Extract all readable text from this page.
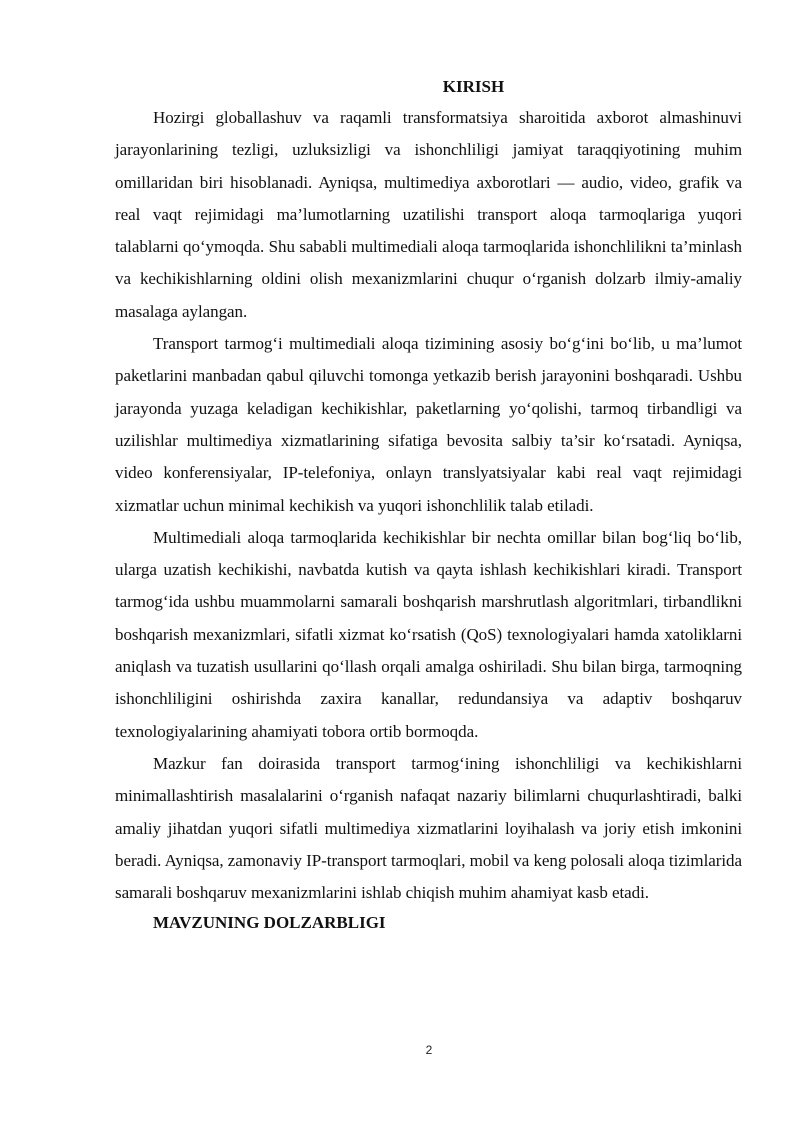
KIRISH

Hozirgi globallashuv va raqamli transformatsiya sharoitida axborot almashinuvi jarayonlarining tezligi, uzluksizligi va ishonchliligi jamiyat taraqqiyotining muhim omillaridan biri hisoblanadi. Ayniqsa, multimediya axborotlari — audio, video, grafik va real vaqt rejimidagi ma’lumotlarning uzatilishi transport aloqa tarmoqlariga yuqori talablarni qo‘ymoqda. Shu sababli multimediali aloqa tarmoqlarida ishonchlilikni ta’minlash va kechikishlarning oldini olish mexanizmlarini chuqur o‘rganish dolzarb ilmiy-amaliy masalaga aylangan.

Transport tarmog‘i multimediali aloqa tizimining asosiy bo‘g‘ini bo‘lib, u ma’lumot paketlarini manbadan qabul qiluvchi tomonga yetkazib berish jarayonini boshqaradi. Ushbu jarayonda yuzaga keladigan kechikishlar, paketlarning yo‘qolishi, tarmoq tirbandligi va uzilishlar multimediya xizmatlarining sifatiga bevosita salbiy ta’sir ko‘rsatadi. Ayniqsa, video konferensiyalar, IP-telefoniya, onlayn translyatsiyalar kabi real vaqt rejimidagi xizmatlar uchun minimal kechikish va yuqori ishonchlilik talab etiladi.

Multimediali aloqa tarmoqlarida kechikishlar bir nechta omillar bilan bog‘liq bo‘lib, ularga uzatish kechikishi, navbatda kutish va qayta ishlash kechikishlari kiradi. Transport tarmog‘ida ushbu muammolarni samarali boshqarish marshrutlash algoritmlari, tirbandlikni boshqarish mexanizmlari, sifatli xizmat ko‘rsatish (QoS) texnologiyalari hamda xatoliklarni aniqlash va tuzatish usullarini qo‘llash orqali amalga oshiriladi. Shu bilan birga, tarmoqning ishonchliligini oshirishda zaxira kanallar, redundansiya va adaptiv boshqaruv texnologiyalarining ahamiyati tobora ortib bormoqda.

Mazkur fan doirasida transport tarmog‘ining ishonchliligi va kechikishlarni minimallashtirish masalalarini o‘rganish nafaqat nazariy bilimlarni chuqurlashtiradi, balki amaliy jihatdan yuqori sifatli multimediya xizmatlarini loyihalash va joriy etish imkonini beradi. Ayniqsa, zamonaviy IP-transport tarmoqlari, mobil va keng polosali aloqa tizimlarida samarali boshqaruv mexanizmlarini ishlab chiqish muhim ahamiyat kasb etadi.

MAVZUNING DOLZARBLIGI
2
